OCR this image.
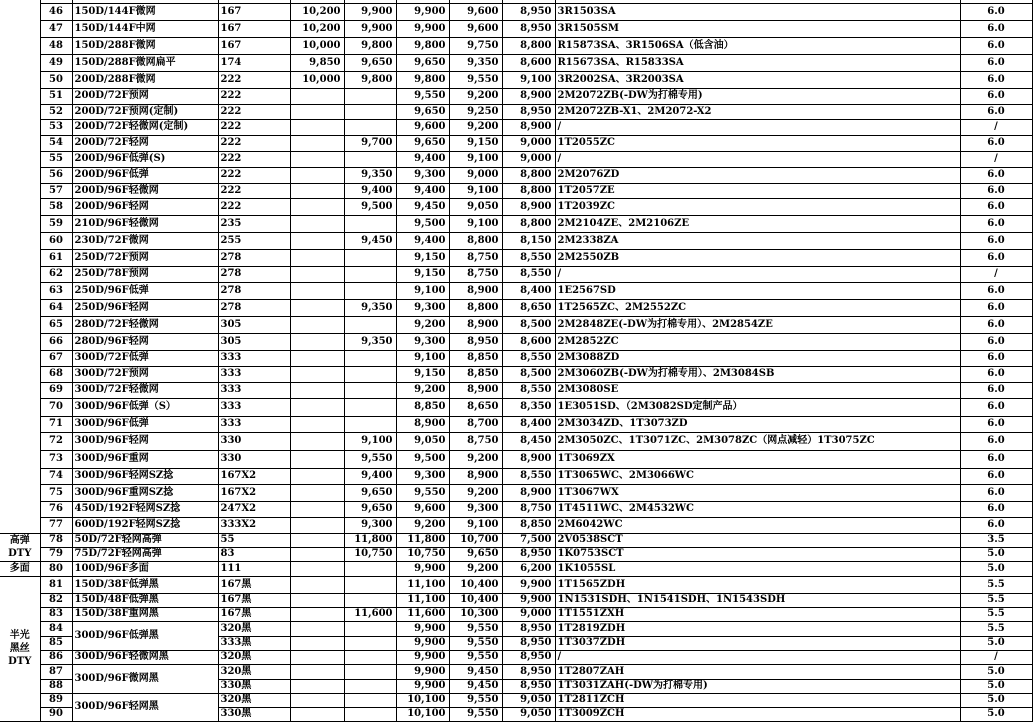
	46	150D/144F微网	167	10,200	9,900	9,900	9,600	8,950	3R1503SA	6.0
	47	150D/144F中网	167	10,200	9,900	9,900	9,600	8,950	3R1505SM	6.0
	48	150D/288F微网	167	10,000	9,800	9,800	9,750	8,800	R15873SA、3R1506SA（低含油）	6.0
	49	150D/288F微网扁平	174	9,850	9,650	9,650	9,350	8,600	R15673SA、R15833SA	6.0
	50	200D/288F微网	222	10,000	9,800	9,800	9,550	9,100	3R2002SA、3R2003SA	6.0
	51	200D/72F预网	222			9,550	9,200	8,900	2M2072ZB(-DW为打棉专用)	6.0
	52	200D/72F预网(定制)	222			9,650	9,250	8,950	2M2072ZB-X1、2M2072-X2	6.0
	53	200D/72F轻微网(定制)	222			9,600	9,200	8,900	/	/
	54	200D/72F轻网	222		9,700	9,650	9,150	9,000	1T2055ZC	6.0
	55	200D/96F低弹(S)	222			9,400	9,100	9,000	/	/
	56	200D/96F低弹	222		9,350	9,300	9,000	8,800	2M2076ZD	6.0
	57	200D/96F轻微网	222		9,400	9,400	9,100	8,800	1T2057ZE	6.0
	58	200D/96F轻网	222		9,500	9,450	9,050	8,900	1T2039ZC	6.0
	59	210D/96F轻微网	235			9,500	9,100	8,800	2M2104ZE、2M2106ZE	6.0
	60	230D/72F微网	255		9,450	9,400	8,800	8,150	2M2338ZA	6.0
	61	250D/72F预网	278			9,150	8,750	8,550	2M2550ZB	6.0
	62	250D/78F预网	278			9,150	8,750	8,550	/	/
	63	250D/96F低弹	278			9,100	8,900	8,400	1E2567SD	6.0
	64	250D/96F轻网	278		9,350	9,300	8,800	8,650	1T2565ZC、2M2552ZC	6.0
	65	280D/72F轻微网	305			9,200	8,900	8,500	2M2848ZE(-DW为打棉专用）、2M2854ZE	6.0
	66	280D/96F轻网	305		9,350	9,300	8,950	8,600	2M2852ZC	6.0
	67	300D/72F低弹	333			9,100	8,850	8,550	2M3088ZD	6.0
	68	300D/72F预网	333			9,150	8,850	8,500	2M3060ZB(-DW为打棉专用）、2M3084SB	6.0
	69	300D/72F轻微网	333			9,200	8,900	8,550	2M3080SE	6.0
	70	300D/96F低弹（S）	333			8,850	8,650	8,350	1E3051SD、（2M3082SD定制产品）	6.0
	71	300D/96F低弹	333			8,900	8,700	8,400	2M3034ZD、1T3073ZD	6.0
	72	300D/96F轻网	330		9,100	9,050	8,750	8,450	2M3050ZC、1T3071ZC、2M3078ZC（网点减轻）1T3075ZC	6.0
	73	300D/96F重网	330		9,550	9,500	9,200	8,900	1T3069ZX	6.0
	74	300D/96F轻网SZ捻	167X2		9,400	9,300	8,900	8,550	1T3065WC、2M3066WC	6.0
	75	300D/96F重网SZ捻	167X2		9,650	9,550	9,200	8,900	1T3067WX	6.0
	76	450D/192F轻网SZ捻	247X2		9,650	9,600	9,300	8,750	1T4511WC、2M4532WC	6.0
	77	600D/192F轻网SZ捻	333X2		9,300	9,200	9,100	8,850	2M6042WC	6.0

高弹
DTY	78	50D/72F轻网高弹	55		11,800	11,800	10,700	7,500	2V0538SCT	3.5
	79	75D/72F轻网高弹	83		10,750	10,750	9,650	8,950	1K0753SCT	5.0

多面	80	100D/96F多面	111			9,900	9,200	6,200	1K1055SL	5.0

半光
黑丝
DTY	81	150D/38F低弹黑	167黑			11,100	10,400	9,900	1T1565ZDH	5.5
	82	150D/48F低弹黑	167黑			11,100	10,400	9,900	1N1531SDH、1N1541SDH、1N1543SDH	5.5
	83	150D/38F重网黑	167黑		11,600	11,600	10,300	9,000	1T1551ZXH	5.5
	84	300D/96F低弹黑	320黑			9,900	9,550	8,950	1T2819ZDH	5.5
	85		333黑			9,900	9,550	8,950	1T3037ZDH	5.0
	86	300D/96F轻微网黑	320黑			9,900	9,550	8,950	/	/
	87	300D/96F微网黑	320黑			9,900	9,450	8,950	1T2807ZAH	5.0
	88		330黑			9,900	9,450	8,950	1T3031ZAH(-DW为打棉专用)	5.0
	89	300D/96F轻网黑	320黑			10,100	9,550	9,050	1T2811ZCH	5.0
	90		330黑			10,100	9,550	9,050	1T3009ZCH	5.0
